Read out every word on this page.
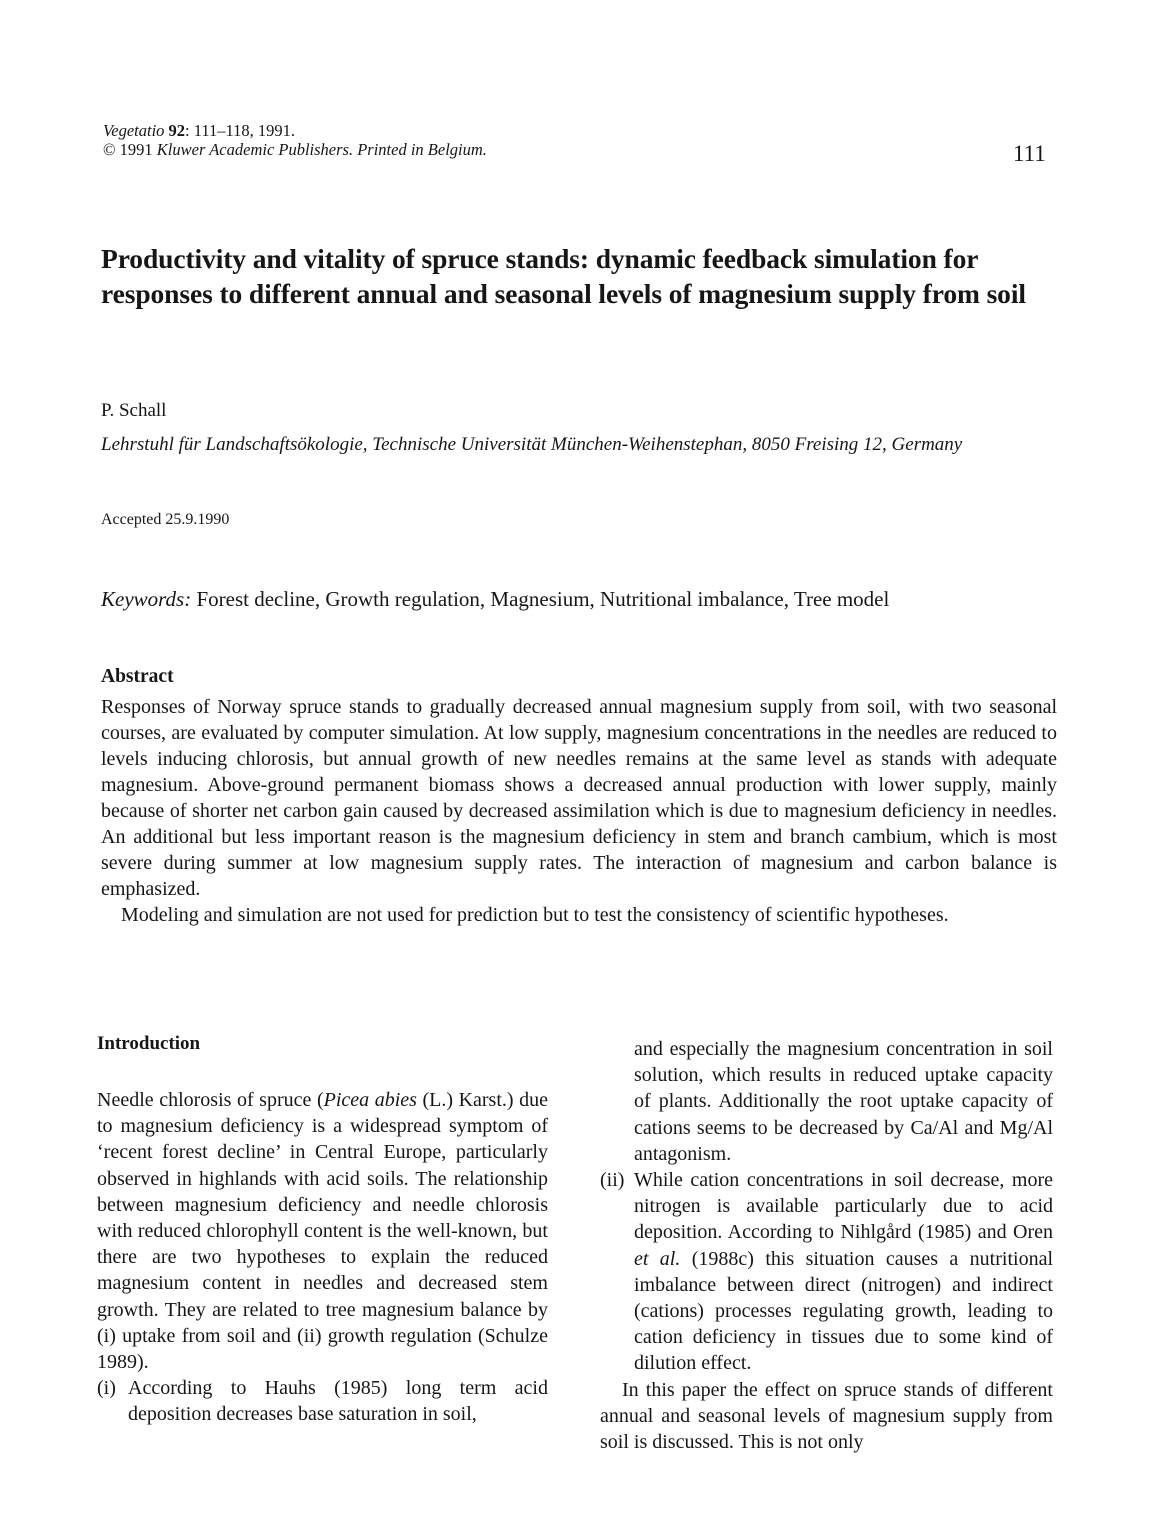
Vegetatio 92: 111–118, 1991.
© 1991 Kluwer Academic Publishers. Printed in Belgium.	111
Productivity and vitality of spruce stands: dynamic feedback simulation for responses to different annual and seasonal levels of magnesium supply from soil
P. Schall
Lehrstuhl für Landschaftsökologie, Technische Universität München-Weihenstephan, 8050 Freising 12, Germany
Accepted 25.9.1990
Keywords: Forest decline, Growth regulation, Magnesium, Nutritional imbalance, Tree model
Abstract

Responses of Norway spruce stands to gradually decreased annual magnesium supply from soil, with two seasonal courses, are evaluated by computer simulation. At low supply, magnesium concentrations in the needles are reduced to levels inducing chlorosis, but annual growth of new needles remains at the same level as stands with adequate magnesium. Above-ground permanent biomass shows a decreased annual production with lower supply, mainly because of shorter net carbon gain caused by decreased assimilation which is due to magnesium deficiency in needles. An additional but less important reason is the magnesium deficiency in stem and branch cambium, which is most severe during summer at low magnesium supply rates. The interaction of magnesium and carbon balance is emphasized.

Modeling and simulation are not used for prediction but to test the consistency of scientific hypotheses.

Introduction

Needle chlorosis of spruce (Picea abies (L.) Karst.) due to magnesium deficiency is a widespread symptom of ‘recent forest decline’ in Central Europe, particularly observed in highlands with acid soils. The relationship between magnesium deficiency and needle chlorosis with reduced chlorophyll content is the well-known, but there are two hypotheses to explain the reduced magnesium content in needles and decreased stem growth. They are related to tree magnesium balance by (i) uptake from soil and (ii) growth regulation (Schulze 1989).

(i) According to Hauhs (1985) long term acid deposition decreases base saturation in soil,

and especially the magnesium concentration in soil solution, which results in reduced uptake capacity of plants. Additionally the root uptake capacity of cations seems to be decreased by Ca/Al and Mg/Al antagonism.

(ii) While cation concentrations in soil decrease, more nitrogen is available particularly due to acid deposition. According to Nihlgård (1985) and Oren et al. (1988c) this situation causes a nutritional imbalance between direct (nitrogen) and indirect (cations) processes regulating growth, leading to cation deficiency in tissues due to some kind of dilution effect.

In this paper the effect on spruce stands of different annual and seasonal levels of magnesium supply from soil is discussed. This is not only
